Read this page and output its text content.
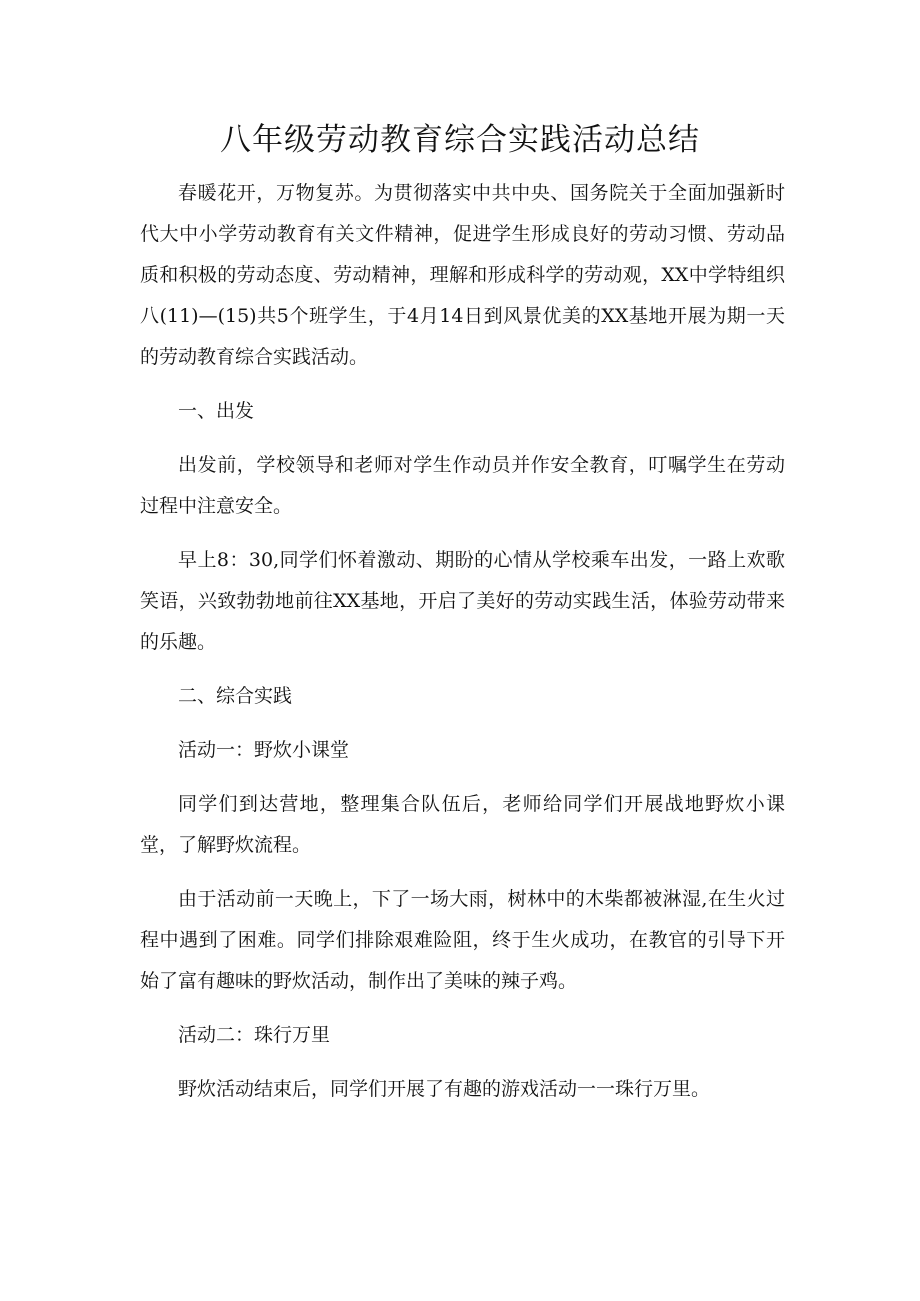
八年级劳动教育综合实践活动总结

春暖花开，万物复苏。为贯彻落实中共中央、国务院关于全面加强新时代大中小学劳动教育有关文件精神，促进学生形成良好的劳动习惯、劳动品质和积极的劳动态度、劳动精神，理解和形成科学的劳动观，XX中学特组织八(11)—(15)共5个班学生，于4月14日到风景优美的XX基地开展为期一天的劳动教育综合实践活动。

一、出发

出发前，学校领导和老师对学生作动员并作安全教育，叮嘱学生在劳动过程中注意安全。

早上8：30,同学们怀着激动、期盼的心情从学校乘车出发，一路上欢歌笑语，兴致勃勃地前往XX基地，开启了美好的劳动实践生活，体验劳动带来的乐趣。

二、综合实践

活动一：野炊小课堂

同学们到达营地，整理集合队伍后，老师给同学们开展战地野炊小课堂，了解野炊流程。

由于活动前一天晚上，下了一场大雨，树林中的木柴都被淋湿,在生火过程中遇到了困难。同学们排除艰难险阻，终于生火成功，在教官的引导下开始了富有趣味的野炊活动，制作出了美味的辣子鸡。

活动二：珠行万里

野炊活动结束后，同学们开展了有趣的游戏活动一一珠行万里。
